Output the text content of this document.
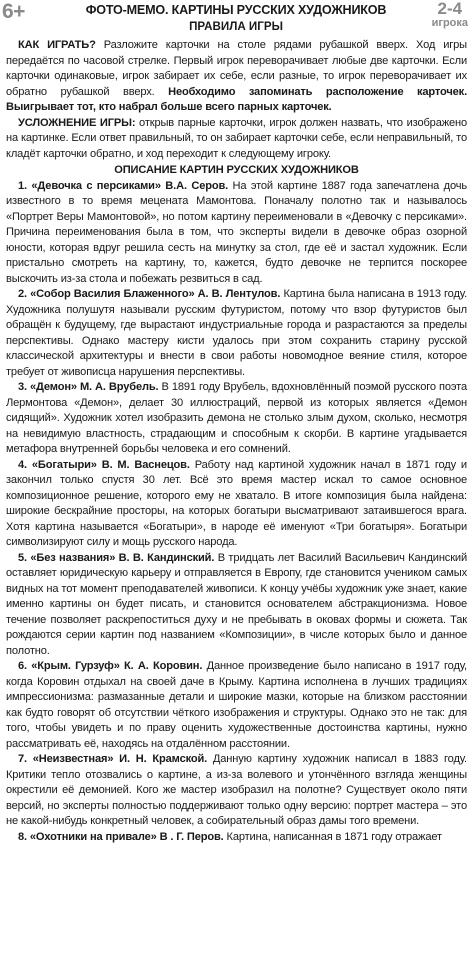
6+	2-4
игрока
ФОТО-МЕМО. КАРТИНЫ РУССКИХ ХУДОЖНИКОВ
ПРАВИЛА ИГРЫ

КАК ИГРАТЬ? Разложите карточки на столе рядами рубашкой вверх. Ход игры передаётся по часовой стрелке. Первый игрок переворачивает любые две карточки. Если карточки одинаковые, игрок забирает их себе, если разные, то игрок переворачивает их обратно рубашкой вверх. Необходимо запоминать расположение карточек. Выигрывает тот, кто набрал больше всего парных карточек.

УСЛОЖНЕНИЕ ИГРЫ: открыв парные карточки, игрок должен назвать, что изображено на картинке. Если ответ правильный, то он забирает карточки себе, если неправильный, то кладёт карточки обратно, и ход переходит к следующему игроку.

ОПИСАНИЕ КАРТИН РУССКИХ ХУДОЖНИКОВ

1. «Девочка с персиками» В.А. Серов. На этой картине 1887 года запечатлена дочь известного в то время мецената Мамонтова. Поначалу полотно так и называлось «Портрет Веры Мамонтовой», но потом картину переименовали в «Девочку с персиками». Причина переименования была в том, что эксперты видели в девочке образ озорной юности, которая вдруг решила сесть на минутку за стол, где её и застал художник. Если пристально смотреть на картину, то, кажется, будто девочке не терпится поскорее выскочить из-за стола и побежать резвиться в сад.

2. «Собор Василия Блаженного» А. В. Лентулов. Картина была написана в 1913 году. Художника полушутя называли русским футуристом, потому что взор футуристов был обращён к будущему, где вырастают индустриальные города и разрастаются за пределы перспективы. Однако мастеру кисти удалось при этом сохранить старину русской классической архитектуры и внести в свои работы новомодное веяние стиля, которое требует от живописца нарушения перспективы.

3. «Демон» М. А. Врубель. В 1891 году Врубель, вдохновлённый поэмой русского поэта Лермонтова «Демон», делает 30 иллюстраций, первой из которых является «Демон сидящий». Художник хотел изобразить демона не столько злым духом, сколько, несмотря на невидимую властность, страдающим и способным к скорби. В картине угадывается метафора внутренней борьбы человека и его сомнений.

4. «Богатыри» В. М. Васнецов. Работу над картиной художник начал в 1871 году и закончил только спустя 30 лет. Всё это время мастер искал то самое основное композиционное решение, которого ему не хватало. В итоге композиция была найдена: широкие бескрайние просторы, на которых богатыри высматривают затаившегося врага. Хотя картина называется «Богатыри», в народе её именуют «Три богатыря». Богатыри символизируют силу и мощь русского народа.

5. «Без названия» В. В. Кандинский. В тридцать лет Василий Васильевич Кандинский оставляет юридическую карьеру и отправляется в Европу, где становится учеником самых видных на тот момент преподавателей живописи. К концу учёбы художник уже знает, какие именно картины он будет писать, и становится основателем абстракционизма. Новое течение позволяет раскрепоститься духу и не пребывать в оковах формы и сюжета. Так рождаются серии картин под названием «Композиции», в числе которых было и данное полотно.

6. «Крым. Гурзуф» К. А. Коровин. Данное произведение было написано в 1917 году, когда Коровин отдыхал на своей даче в Крыму. Картина исполнена в лучших традициях импрессионизма: размазанные детали и широкие мазки, которые на близком расстоянии как будто говорят об отсутствии чёткого изображения и структуры. Однако это не так: для того, чтобы увидеть и по праву оценить художественные достоинства картины, нужно рассматривать её, находясь на отдалённом расстоянии.

7. «Неизвестная» И. Н. Крамской. Данную картину художник написал в 1883 году. Критики тепло отозвались о картине, а из-за волевого и утончённого взгляда женщины окрестили её демонией. Кого же мастер изобразил на полотне? Существует около пяти версий, но эксперты полностью поддерживают только одну версию: портрет мастера – это не какой-нибудь конкретный человек, а собирательный образ дамы того времени.

8. «Охотники на привале» В . Г. Перов. Картина, написанная в 1871 году отражает
